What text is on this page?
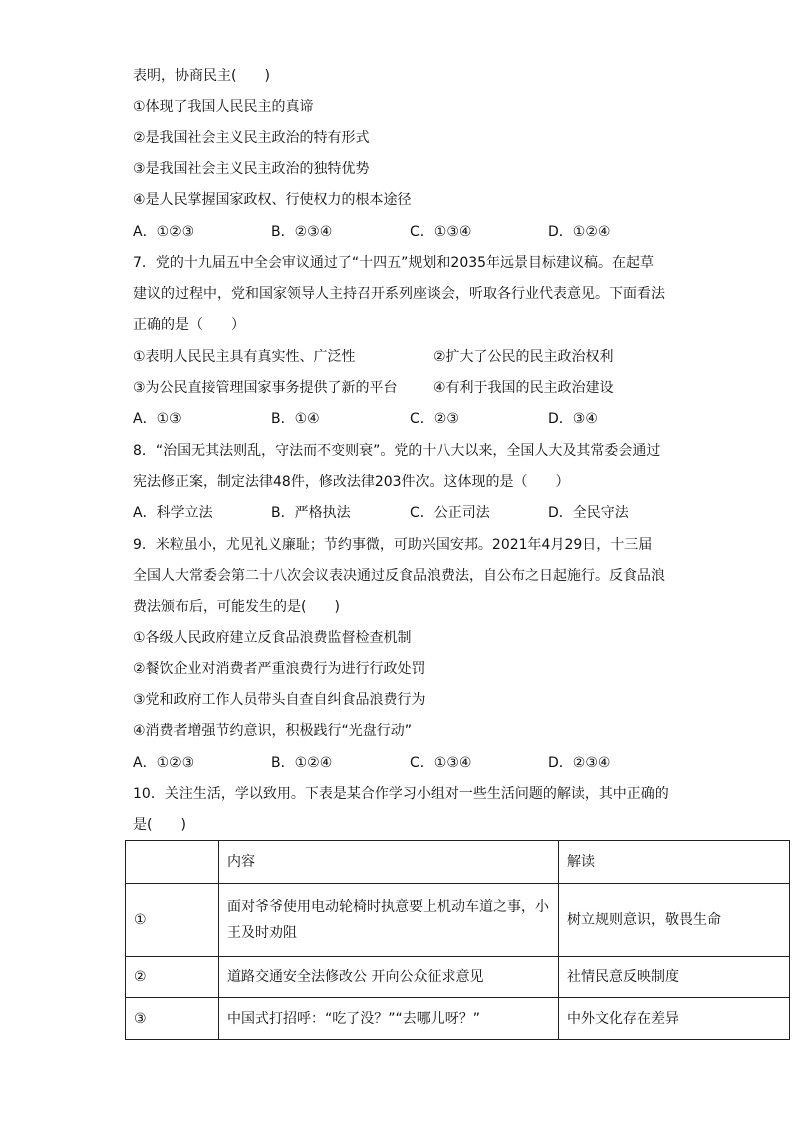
表明，协商民主(　　)
①体现了我国人民民主的真谛
②是我国社会主义民主政治的特有形式
③是我国社会主义民主政治的独特优势
④是人民掌握国家政权、行使权力的根本途径
A．①②③	B．②③④	C．①③④	D．①②④
7．党的十九届五中全会审议通过了“十四五”规划和2035年远景目标建议稿。在起草
建议的过程中，党和国家领导人主持召开系列座谈会，听取各行业代表意见。下面看法
正确的是（　　）
①表明人民民主具有真实性、广泛性	②扩大了公民的民主政治权利
③为公民直接管理国家事务提供了新的平台	④有利于我国的民主政治建设
A．①③	B．①④	C．②③	D．③④
8．“治国无其法则乱，守法而不变则衰”。党的十八大以来，全国人大及其常委会通过
宪法修正案，制定法律48件，修改法律203件次。这体现的是（　　）
A．科学立法	B．严格执法	C．公正司法	D．全民守法
9．米粒虽小，尤见礼义廉耻；节约事微，可助兴国安邦。2021年4月29日，十三届
全国人大常委会第二十八次会议表决通过反食品浪费法，自公布之日起施行。反食品浪
费法颁布后，可能发生的是(　　)
①各级人民政府建立反食品浪费监督检查机制
②餐饮企业对消费者严重浪费行为进行行政处罚
③党和政府工作人员带头自查自纠食品浪费行为
④消费者增强节约意识，积极践行“光盘行动”
A．①②③	B．①②④	C．①③④	D．②③④
10．关注生活，学以致用。下表是某合作学习小组对一些生活问题的解读，其中正确的
是(　　)
	内容	解读
①	面对爷爷使用电动轮椅时执意要上机动车道之事，小
王及时劝阻	树立规则意识，敬畏生命
②	道路交通安全法修改公 开向公众征求意见	社情民意反映制度
③	中国式打招呼：“吃了没？”“去哪儿呀？”	中外文化存在差异
